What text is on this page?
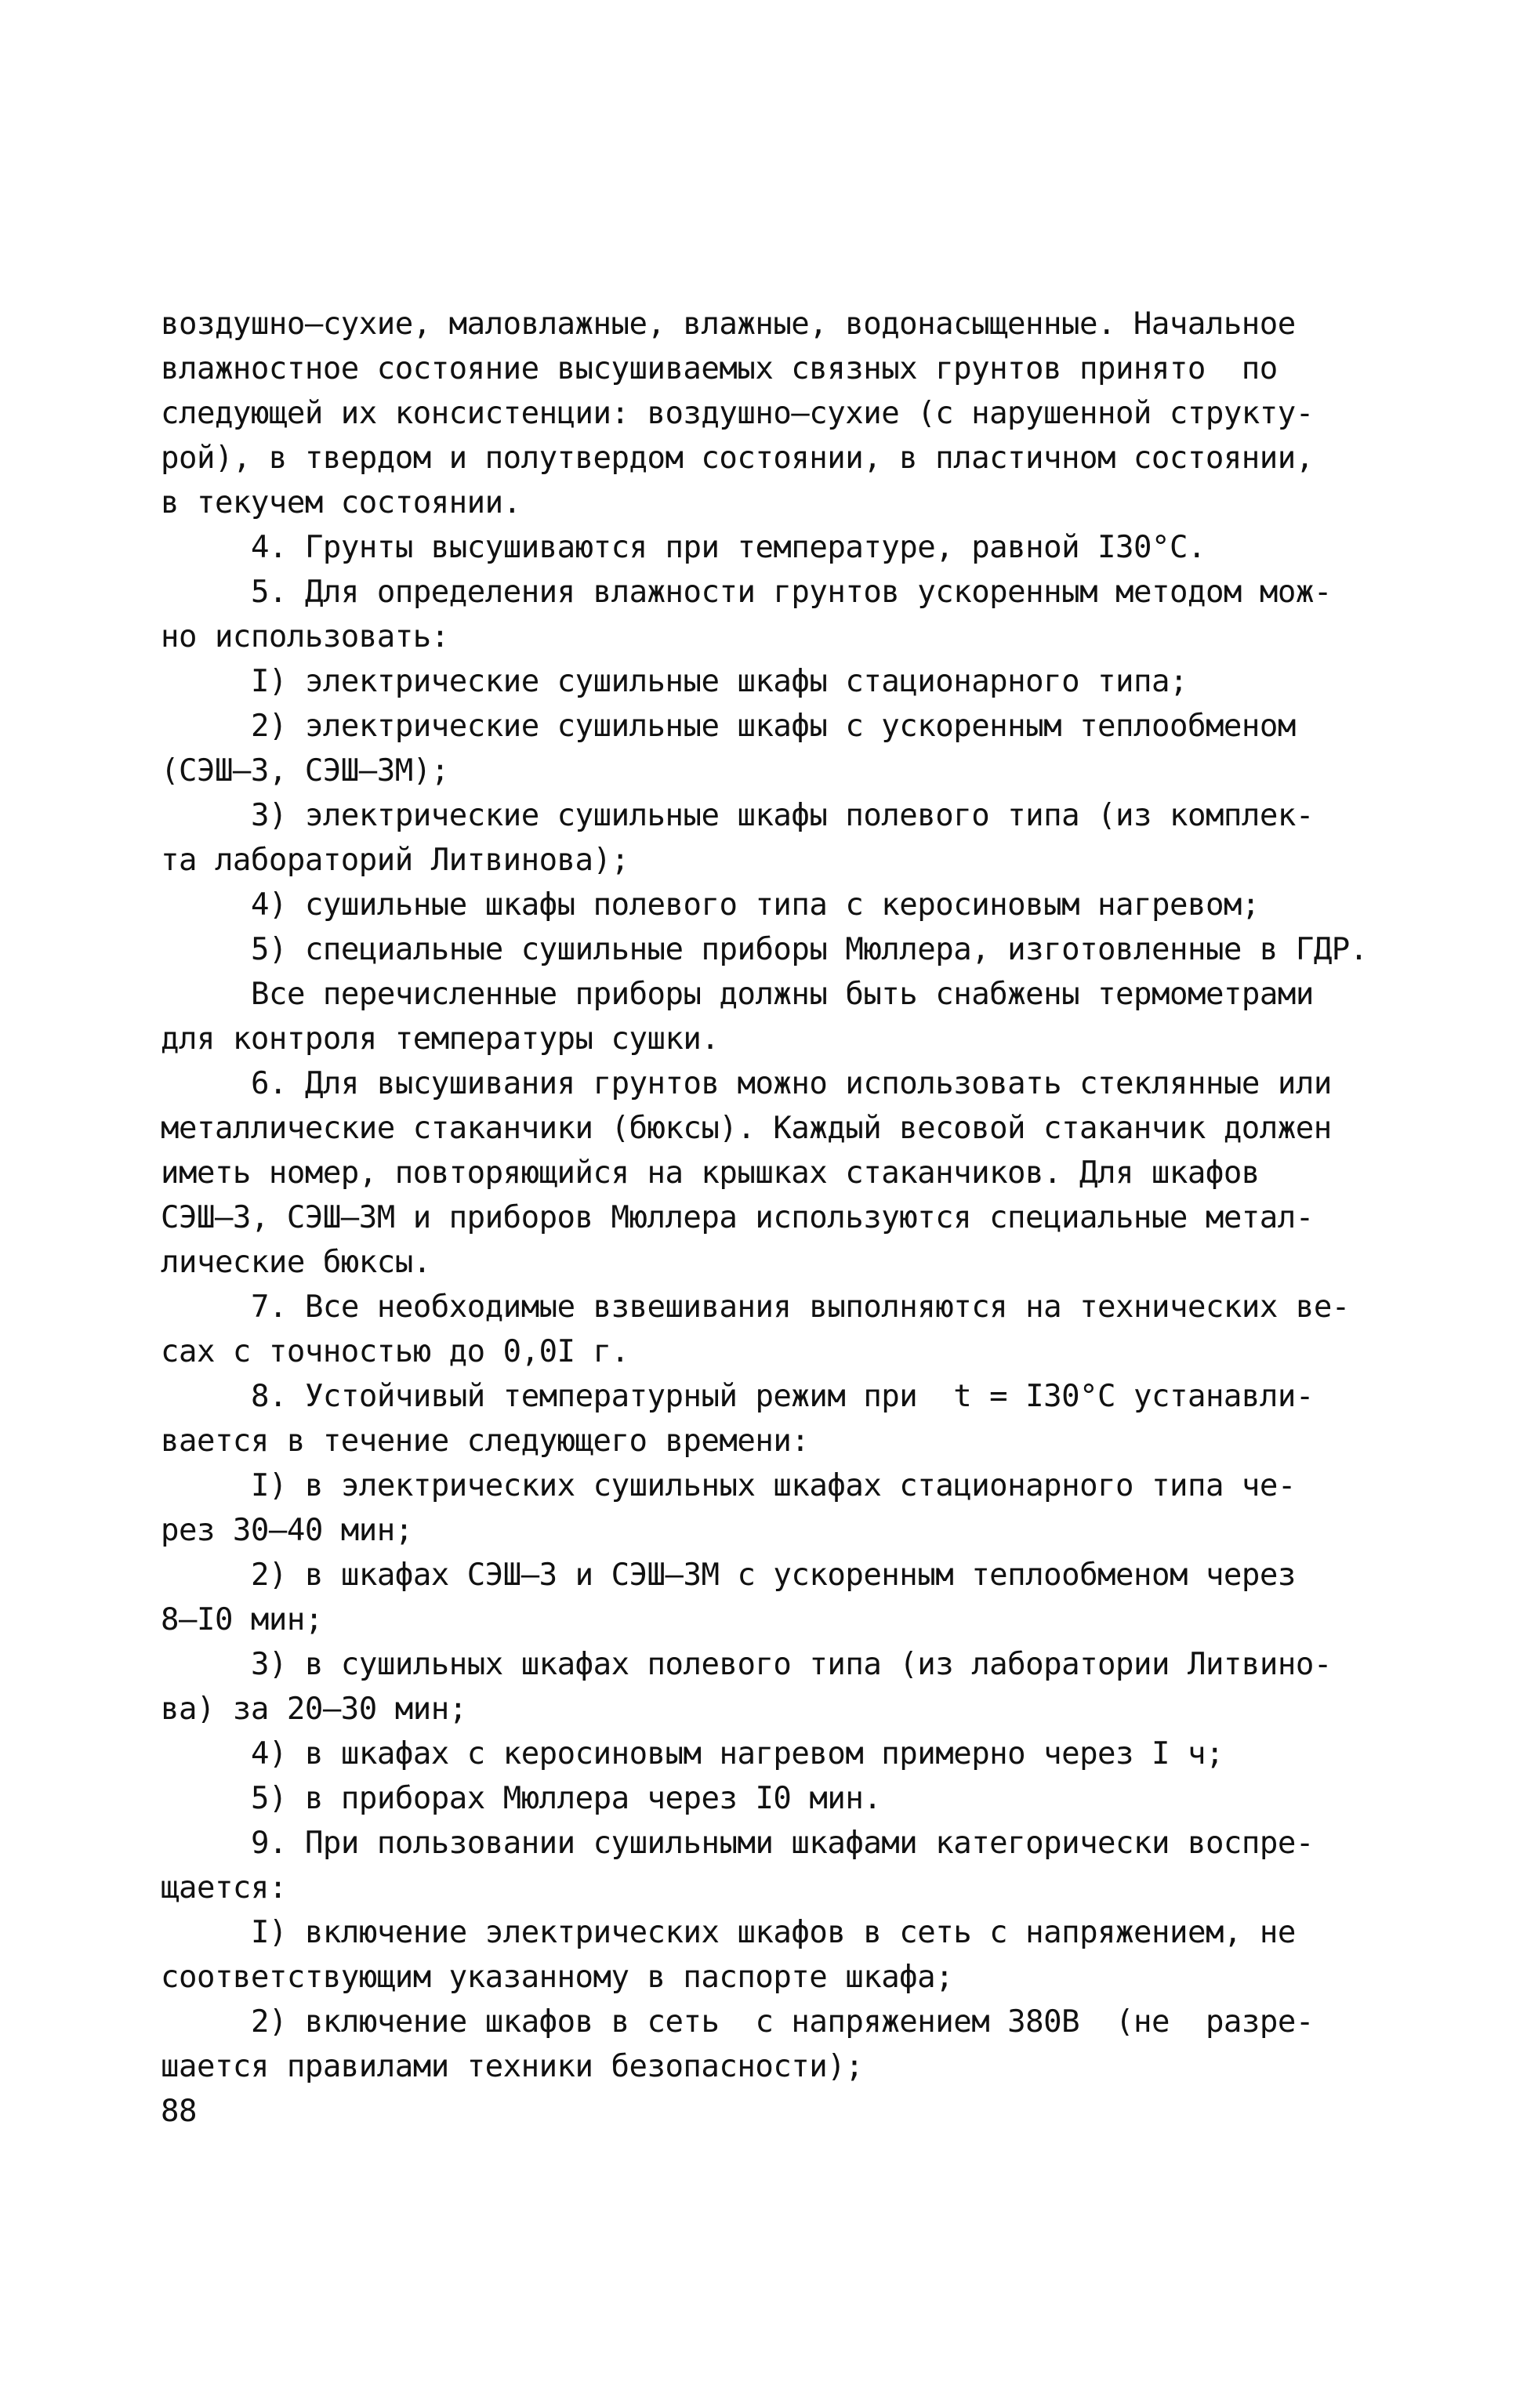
воздушно–сухие, маловлажные, влажные, водонасыщенные. Начальное
влажностное состояние высушиваемых связных грунтов принято  по
следующей их консистенции: воздушно–сухие (с нарушенной структу-
рой), в твердом и полутвердом состоянии, в пластичном состоянии,
в текучем состоянии.
4. Грунты высушиваются при температуре, равной I30°C.
5. Для определения влажности грунтов ускоренным методом мож-
но использовать:
I) электрические сушильные шкафы стационарного типа;
2) электрические сушильные шкафы с ускоренным теплообменом
(СЭШ–3, СЭШ–3М);
3) электрические сушильные шкафы полевого типа (из комплек-
та лабораторий Литвинова);
4) сушильные шкафы полевого типа с керосиновым нагревом;
5) специальные сушильные приборы Мюллера, изготовленные в ГДР.
Все перечисленные приборы должны быть снабжены термометрами
для контроля температуры сушки.
6. Для высушивания грунтов можно использовать стеклянные или
металлические стаканчики (бюксы). Каждый весовой стаканчик должен
иметь номер, повторяющийся на крышках стаканчиков. Для шкафов
СЭШ–3, СЭШ–3М и приборов Мюллера используются специальные метал-
лические бюксы.
7. Все необходимые взвешивания выполняются на технических ве-
сах с точностью до 0,0I г.
8. Устойчивый температурный режим при  t = I30°C устанавли-
вается в течение следующего времени:
I) в электрических сушильных шкафах стационарного типа че-
рез 30–40 мин;
2) в шкафах СЭШ–3 и СЭШ–3М с ускоренным теплообменом через
8–I0 мин;
3) в сушильных шкафах полевого типа (из лаборатории Литвино-
ва) за 20–30 мин;
4) в шкафах с керосиновым нагревом примерно через I ч;
5) в приборах Мюллера через I0 мин.
9. При пользовании сушильными шкафами категорически воспре-
щается:
I) включение электрических шкафов в сеть с напряжением, не
соответствующим указанному в паспорте шкафа;
2) включение шкафов в сеть  с напряжением 380В  (не  разре-
шается правилами техники безопасности);
88
